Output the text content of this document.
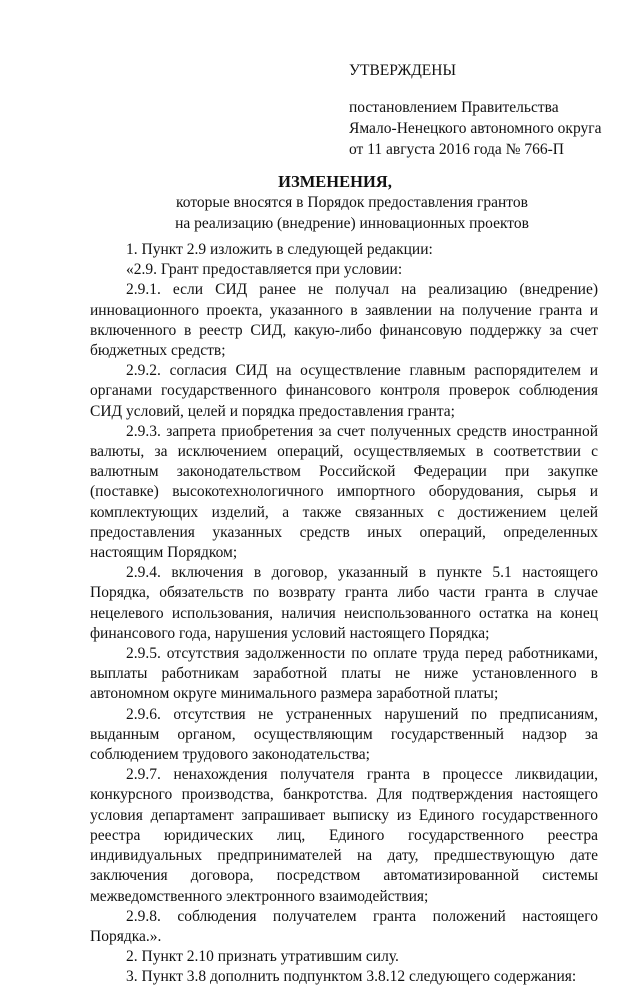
УТВЕРЖДЕНЫ
постановлением Правительства
Ямало-Ненецкого автономного округа
от 11 августа 2016 года № 766-П
ИЗМЕНЕНИЯ,
которые вносятся в Порядок предоставления грантов
на реализацию (внедрение) инновационных проектов

1. Пункт 2.9 изложить в следующей редакции:

«2.9. Грант предоставляется при условии:

2.9.1. если СИД ранее не получал на реализацию (внедрение) инновационного проекта, указанного в заявлении на получение гранта и включенного в реестр СИД, какую-либо финансовую поддержку за счет бюджетных средств;

2.9.2. согласия СИД на осуществление главным распорядителем и органами государственного финансового контроля проверок соблюдения СИД условий, целей и порядка предоставления гранта;

2.9.3. запрета приобретения за счет полученных средств иностранной валюты, за исключением операций, осуществляемых в соответствии с валютным законодательством Российской Федерации при закупке (поставке) высокотехнологичного импортного оборудования, сырья и комплектующих изделий, а также связанных с достижением целей предоставления указанных средств иных операций, определенных настоящим Порядком;

2.9.4. включения в договор, указанный в пункте 5.1 настоящего Порядка, обязательств по возврату гранта либо части гранта в случае нецелевого использования, наличия неиспользованного остатка на конец финансового года, нарушения условий настоящего Порядка;

2.9.5. отсутствия задолженности по оплате труда перед работниками, выплаты работникам заработной платы не ниже установленного в автономном округе минимального размера заработной платы;

2.9.6. отсутствия не устраненных нарушений по предписаниям, выданным органом, осуществляющим государственный надзор за соблюдением трудового законодательства;

2.9.7. ненахождения получателя гранта в процессе ликвидации, конкурсного производства, банкротства. Для подтверждения настоящего условия департамент запрашивает выписку из Единого государственного реестра юридических лиц, Единого государственного реестра индивидуальных предпринимателей на дату, предшествующую дате заключения договора, посредством автоматизированной системы межведомственного электронного взаимодействия;

2.9.8. соблюдения получателем гранта положений настоящего Порядка.».

2. Пункт 2.10 признать утратившим силу.

3. Пункт 3.8 дополнить подпунктом 3.8.12 следующего содержания:
